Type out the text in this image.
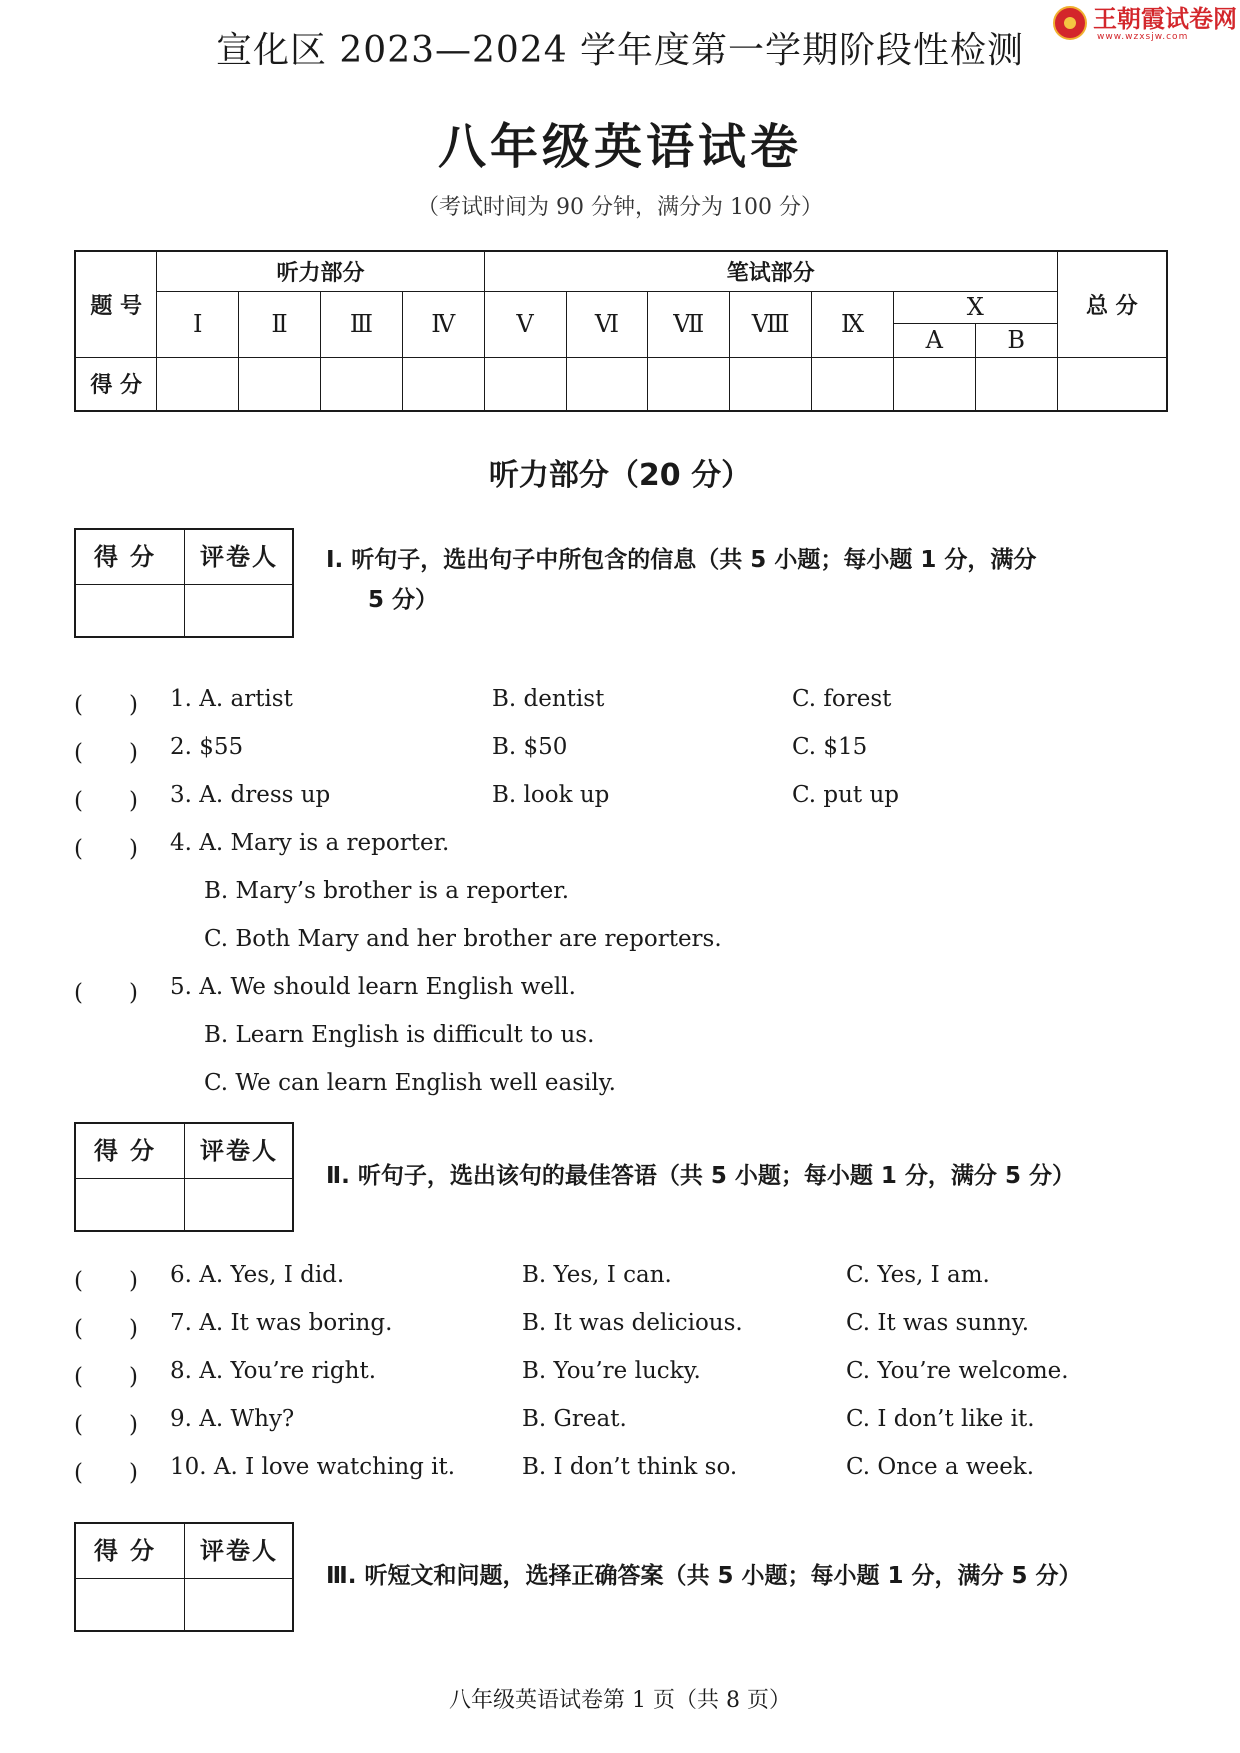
王朝霞试卷网
www.wzxsjw.com
宣化区 2023—2024 学年度第一学期阶段性检测
八年级英语试卷
（考试时间为 90 分钟，满分为 100 分）
题 号	听力部分				笔试部分							总 分
	Ⅰ	Ⅱ	Ⅲ	Ⅳ	Ⅴ	Ⅵ	Ⅶ	Ⅷ	Ⅸ	Ⅹ		
										A	B	
得 分												
听力部分（20 分）
得分	评卷人	Ⅰ. 听句子，选出句子中所包含的信息（共 5 小题；每小题 1 分，满分
5 分）
(　　) 1. A. artist	B. dentist	C. forest
(　　) 2. $55	B. $50	C. $15
(　　) 3. A. dress up	B. look up	C. put up
(　　) 4. A. Mary is a reporter.
B. Mary’s brother is a reporter.
C. Both Mary and her brother are reporters.
(　　) 5. A. We should learn English well.
B. Learn English is difficult to us.
C. We can learn English well easily.
得分	评卷人
Ⅱ. 听句子，选出该句的最佳答语（共 5 小题；每小题 1 分，满分 5 分）
(　　) 6. A. Yes, I did.	B. Yes, I can.	C. Yes, I am.
(　　) 7. A. It was boring.	B. It was delicious.	C. It was sunny.
(　　) 8. A. You’re right.	B. You’re lucky.	C. You’re welcome.
(　　) 9. A. Why?	B. Great.	C. I don’t like it.
(　　) 10. A. I love watching it.	B. I don’t think so.	C. Once a week.
得分	评卷人
Ⅲ. 听短文和问题，选择正确答案（共 5 小题；每小题 1 分，满分 5 分）
八年级英语试卷第 1 页（共 8 页）
